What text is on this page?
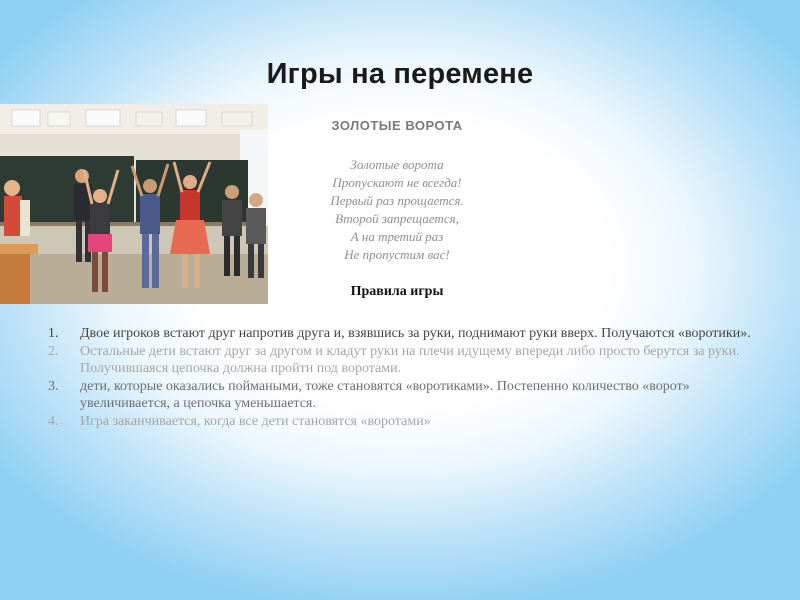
Игры на перемене
ЗОЛОТЫЕ ВОРОТА
Золотые ворота
Пропускают не всегда!
Первый раз прощается.
Второй запрещается,
А на третий раз
Не пропустим вас!
Правила игры
1.	Двое игроков встают друг напротив друга и, взявшись за руки, поднимают руки вверх. Получаются «воротики».
2.	Остальные дети встают друг за другом и кладут руки на плечи идущему впереди либо просто берутся за руки. Получившаяся цепочка должна пройти под воротами.
3.	дети, которые оказались поймаными, тоже становятся «воротиками». Постепенно количество «ворот» увеличивается, а цепочка уменьшается.
4.	Игра заканчивается, когда все дети становятся «воротами»
